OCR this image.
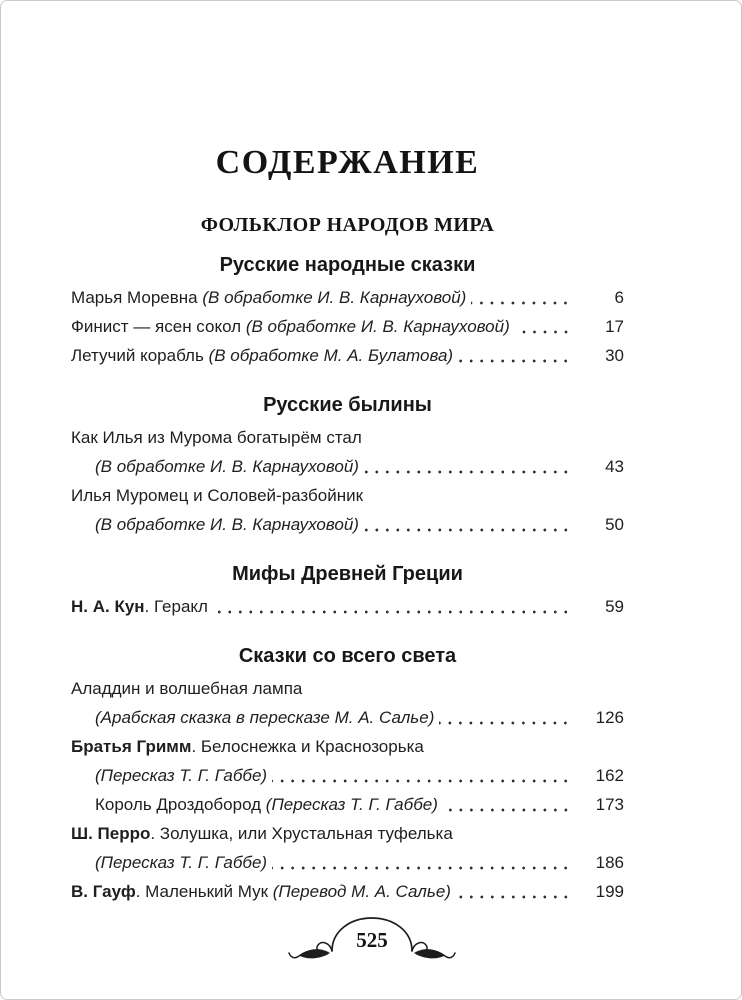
СОДЕРЖАНИЕ
ФОЛЬКЛОР НАРОДОВ МИРА
Русские народные сказки
Марья Моревна (В обработке И. В. Карнауховой)	6
Финист — ясен сокол (В обработке И. В. Карнауховой)	17
Летучий корабль (В обработке М. А. Булатова)	30
Русские былины
Как Илья из Мурома богатырём стал
(В обработке И. В. Карнауховой)	43
Илья Муромец и Соловей-разбойник
(В обработке И. В. Карнауховой)	50
Мифы Древней Греции
Н. А. Кун. Геракл	59
Сказки со всего света
Аладдин и волшебная лампа
(Арабская сказка в пересказе М. А. Салье)	126
Братья Гримм. Белоснежка и Краснозорька
(Пересказ Т. Г. Габбе)	162
Король Дроздобород (Пересказ Т. Г. Габбе)	173
Ш. Перро. Золушка, или Хрустальная туфелька
(Пересказ Т. Г. Габбе)	186
В. Гауф. Маленький Мук (Перевод М. А. Салье)	199
525
